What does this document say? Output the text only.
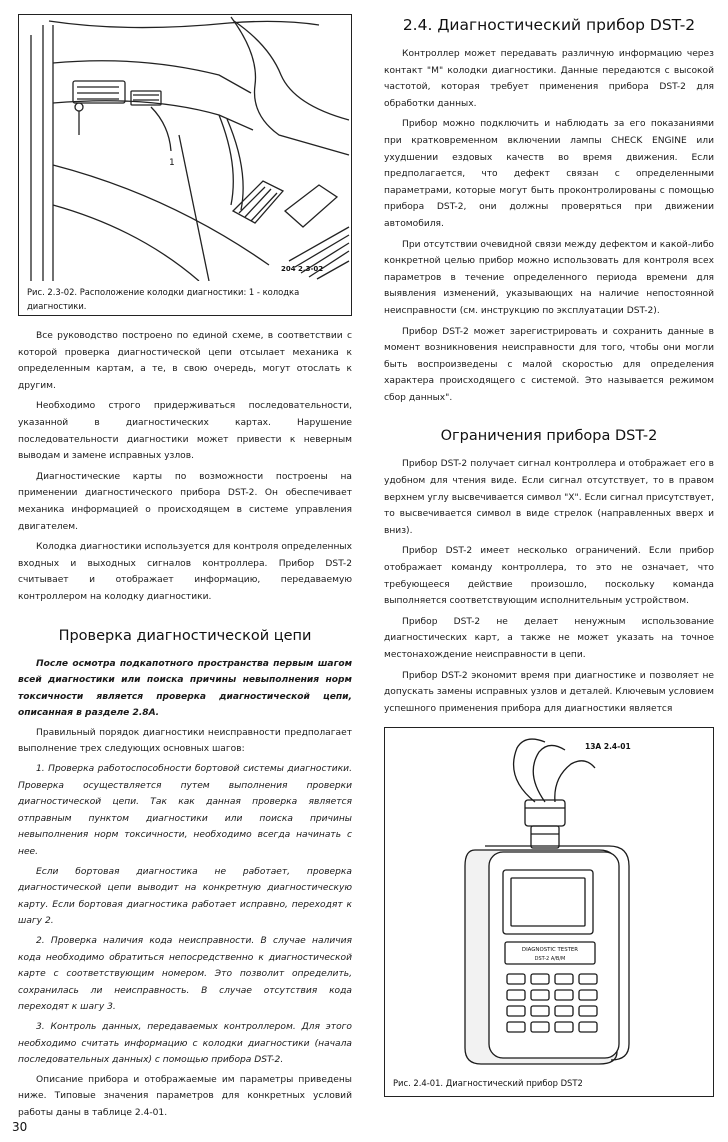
1
204 2.3-02
Рис. 2.3-02. Расположение колодки диагностики: 1 - колодка диагностики.

Все руководство построено по единой схеме, в соответствии с которой проверка диагностической цепи отсылает механика к определенным картам, а те, в свою очередь, могут отослать к другим.

Необходимо строго придерживаться последовательности, указанной в диагностических картах. Нарушение последовательности диагностики может привести к неверным выводам и замене исправных узлов.

Диагностические карты по возможности построены на применении диагностического прибора DST-2. Он обеспечивает механика информацией о происходящем в системе управления двигателем.

Колодка диагностики используется для контроля определенных входных и выходных сигналов контроллера. Прибор DST-2 считывает и отображает информацию, передаваемую контроллером на колодку диагностики.

Проверка диагностической цепи

После осмотра подкапотного пространства первым шагом всей диагностики или поиска причины невыполнения норм токсичности является проверка диагностической цепи, описанная в разделе 2.8А.

Правильный порядок диагностики неисправности предполагает выполнение трех следующих основных шагов:

1. Проверка работоспособности бортовой системы диагностики. Проверка осуществляется путем выполнения проверки диагностической цепи. Так как данная проверка является отправным пунктом диагностики или поиска причины невыполнения норм токсичности, необходимо всегда начинать с нее.

Если бортовая диагностика не работает, проверка диагностической цепи выводит на конкретную диагностическую карту. Если бортовая диагностика работает исправно, переходят к шагу 2.

2. Проверка наличия кода неисправности. В случае наличия кода необходимо обратиться непосредственно к диагностической карте с соответствующим номером. Это позволит определить, сохранилась ли неисправность. В случае отсутствия кода переходят к шагу 3.

3. Контроль данных, передаваемых контроллером. Для этого необходимо считать информацию с колодки диагностики (начала последовательных данных) с помощью прибора DST-2.

Описание прибора и отображаемые им параметры приведены ниже. Типовые значения параметров для конкретных условий работы даны в таблице 2.4-01.

2.4. Диагностический прибор DST-2

Контроллер может передавать различную информацию через контакт "М" колодки диагностики. Данные передаются с высокой частотой, которая требует применения прибора DST-2 для обработки данных.

Прибор можно подключить и наблюдать за его показаниями при кратковременном включении лампы CHECK ENGINE или ухудшении ездовых качеств во время движения. Если предполагается, что дефект связан с определенными параметрами, которые могут быть проконтролированы с помощью прибора DST-2, они должны проверяться при движении автомобиля.

При отсутствии очевидной связи между дефектом и какой-либо конкретной целью прибор можно использовать для контроля всех параметров в течение определенного периода времени для выявления изменений, указывающих на наличие непостоянной неисправности (см. инструкцию по эксплуатации DST-2).

Прибор DST-2 может зарегистрировать и сохранить данные в момент возникновения неисправности для того, чтобы они могли быть воспроизведены с малой скоростью для определения характера происходящего с системой. Это называется режимом сбор данных".

Ограничения прибора DST-2

Прибор DST-2 получает сигнал контроллера и отображает его в удобном для чтения виде. Если сигнал отсутствует, то в правом верхнем углу высвечивается символ "X". Если сигнал присутствует, то высвечивается символ в виде стрелок (направленных вверх и вниз).

Прибор DST-2 имеет несколько ограничений. Если прибор отображает команду контроллера, то это не означает, что требующееся действие произошло, поскольку команда выполняется соответствующим исполнительным устройством.

Прибор DST-2 не делает ненужным использование диагностических карт, а также не может указать на точное местонахождение неисправности в цепи.

Прибор DST-2 экономит время при диагностике и позволяет не допускать замены исправных узлов и деталей. Ключевым условием успешного применения прибора для диагностики является

13А 2.4-01
DIAGNOSTIC TESTER
DST-2 А/В/М
Рис. 2.4-01. Диагностический прибор DST2
30
